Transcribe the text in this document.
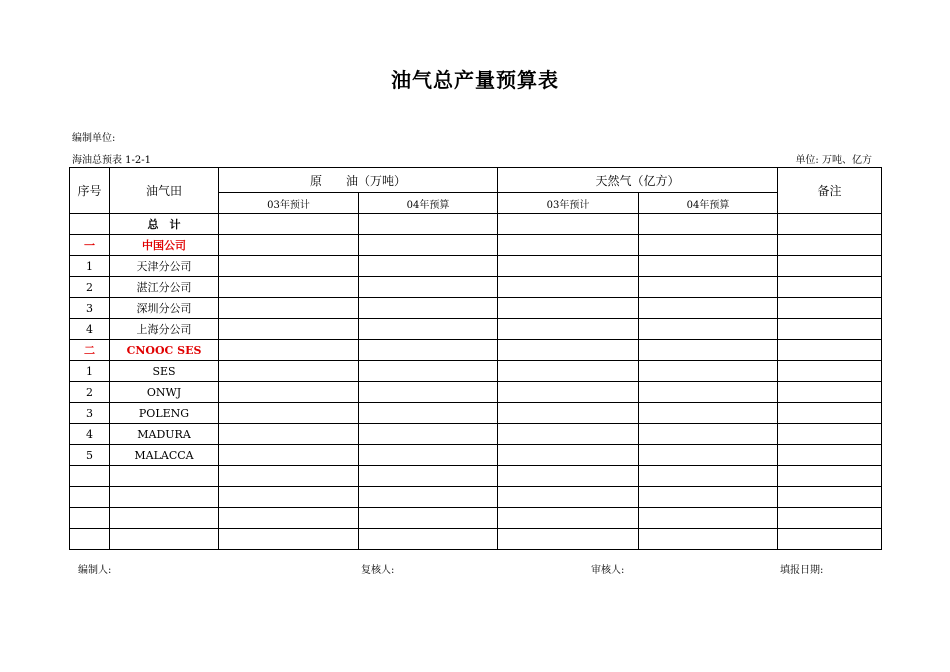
油气总产量预算表
编制单位:
海油总预表 1-2-1	单位: 万吨、亿方
序号	油气田	原　　油（万吨）		天然气（亿方）		备注
		03年预计	04年预算	03年预计	04年预算	
	总　计					
一	中国公司					
1	天津分公司					
2	湛江分公司					
3	深圳分公司					
4	上海分公司					
二	CNOOC SES					
1	SES					
2	ONWJ					
3	POLENG					
4	MADURA					
5	MALACCA					

编制人:	复核人:	审核人:	填报日期:
